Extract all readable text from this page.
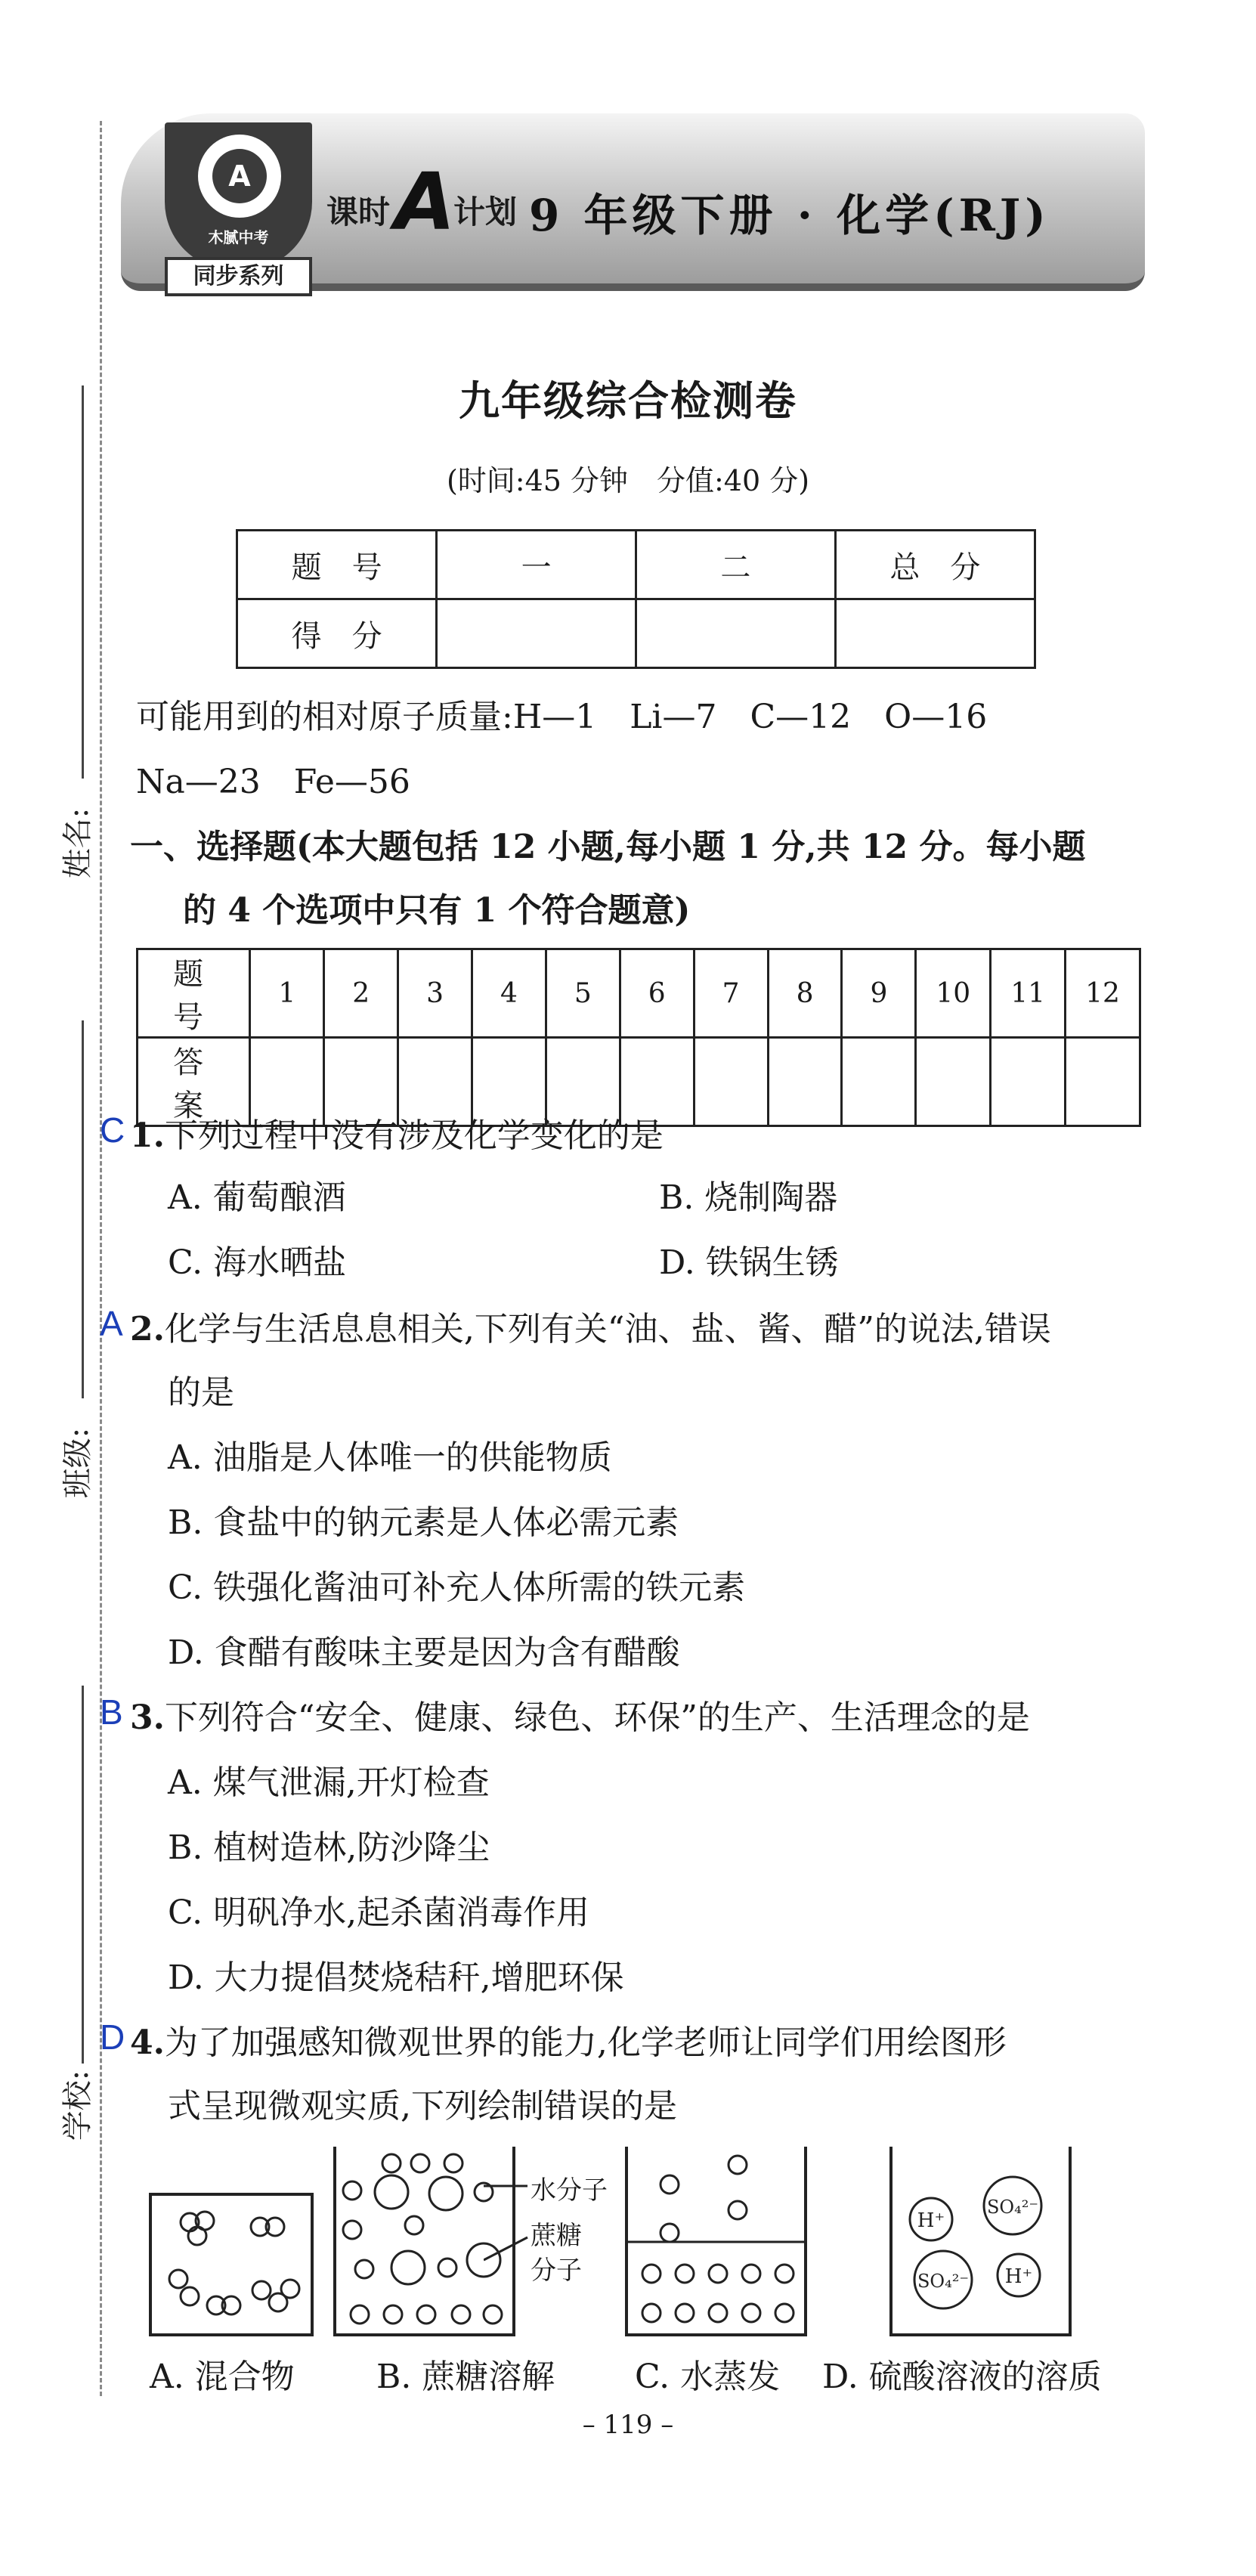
A
木腻中考
同步系列
课时 A
计划 9 年级下册 · 化学(RJ)
姓名:
班级:
学校:
九年级综合检测卷
(时间:45 分钟　分值:40 分)
题　号	一	二	总　分
得　分			
可能用到的相对原子质量:H—1　Li—7　C—12　O—16
Na—23　Fe—56
一、选择题(本大题包括 12 小题,每小题 1 分,共 12 分。每小题
的 4 个选项中只有 1 个符合题意)
题　号	1	2	3	4	5	6	7	8	9	10	11	12
答　案												
C 1.下列过程中没有涉及化学变化的是
A. 葡萄酿酒	B. 烧制陶器
C. 海水晒盐	D. 铁锅生锈
A 2.化学与生活息息相关,下列有关“油、盐、酱、醋”的说法,错误
的是
A. 油脂是人体唯一的供能物质
B. 食盐中的钠元素是人体必需元素
C. 铁强化酱油可补充人体所需的铁元素
D. 食醋有酸味主要是因为含有醋酸
B 3.下列符合“安全、健康、绿色、环保”的生产、生活理念的是
A. 煤气泄漏,开灯检查
B. 植树造林,防沙降尘
C. 明矾净水,起杀菌消毒作用
D. 大力提倡焚烧秸秆,增肥环保
D 4.为了加强感知微观世界的能力,化学老师让同学们用绘图形
式呈现微观实质,下列绘制错误的是
A. 混合物
水分子
蔗糖
分子
B. 蔗糖溶解 C. 水蒸发
H⁺
SO₄²⁻
SO₄²⁻ H⁺
D. 硫酸溶液的溶质
– 119 –
